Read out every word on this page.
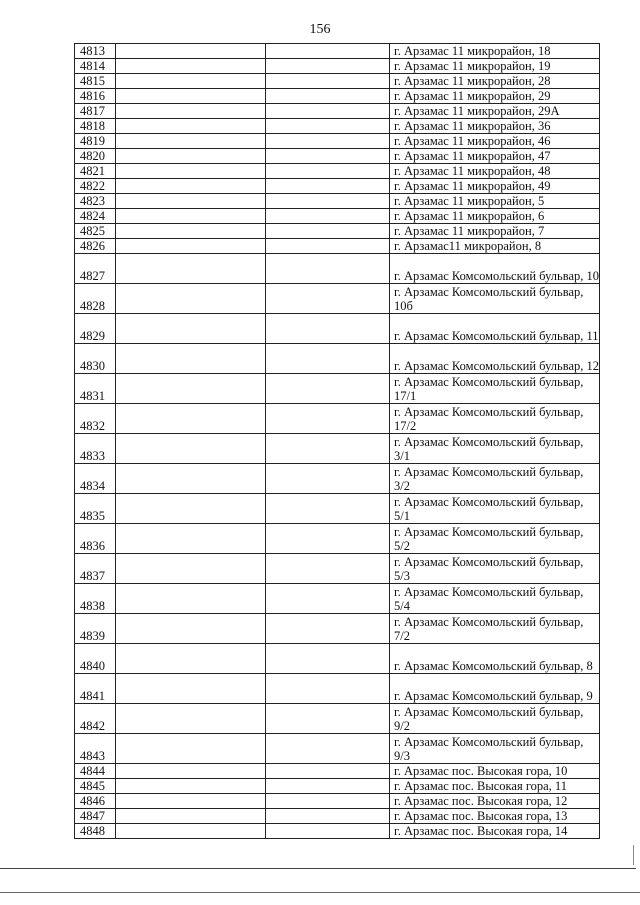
156
4813			г. Арзамас 11 микрорайон, 18
4814			г. Арзамас 11 микрорайон, 19
4815			г. Арзамас 11 микрорайон, 28
4816			г. Арзамас 11 микрорайон, 29
4817			г. Арзамас 11 микрорайон, 29А
4818			г. Арзамас 11 микрорайон, 36
4819			г. Арзамас 11 микрорайон, 46
4820			г. Арзамас 11 микрорайон, 47
4821			г. Арзамас 11 микрорайон, 48
4822			г. Арзамас 11 микрорайон, 49
4823			г. Арзамас 11 микрорайон, 5
4824			г. Арзамас 11 микрорайон, 6
4825			г. Арзамас 11 микрорайон, 7
4826			г. Арзамас11 микрорайон, 8
4827			г. Арзамас Комсомольский бульвар, 10
4828			г. Арзамас Комсомольский бульвар, 10б
4829			г. Арзамас Комсомольский бульвар, 11
4830			г. Арзамас Комсомольский бульвар, 12
4831			г. Арзамас Комсомольский бульвар, 17/1
4832			г. Арзамас Комсомольский бульвар, 17/2
4833			г. Арзамас Комсомольский бульвар, 3/1
4834			г. Арзамас Комсомольский бульвар, 3/2
4835			г. Арзамас Комсомольский бульвар, 5/1
4836			г. Арзамас Комсомольский бульвар, 5/2
4837			г. Арзамас Комсомольский бульвар, 5/3
4838			г. Арзамас Комсомольский бульвар, 5/4
4839			г. Арзамас Комсомольский бульвар, 7/2
4840			г. Арзамас Комсомольский бульвар, 8
4841			г. Арзамас Комсомольский бульвар, 9
4842			г. Арзамас Комсомольский бульвар, 9/2
4843			г. Арзамас Комсомольский бульвар, 9/3
4844			г. Арзамас пос. Высокая гора, 10
4845			г. Арзамас пос. Высокая гора, 11
4846			г. Арзамас пос. Высокая гора, 12
4847			г. Арзамас пос. Высокая гора, 13
4848			г. Арзамас пос. Высокая гора, 14
